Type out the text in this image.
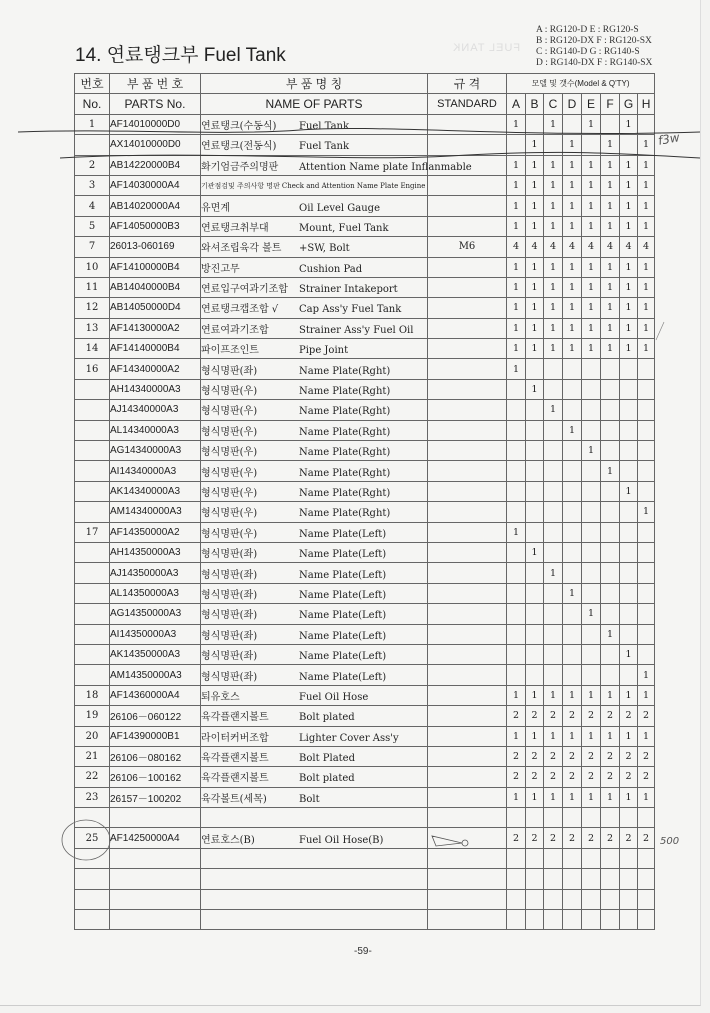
14. 연료탱크부 Fuel Tank	FUEL TANK
A : RG120-D E : RG120-S
B : RG120-DX F : RG120-SX
C : RG140-D G : RG140-S
D : RG140-DX F : RG140-SX
번호	부 품 번 호	부 품 명 칭	규 격	모델 및 갯수(Model & Q'TY)							
No.	PARTS No.	NAME OF PARTS	STANDARD	A	B	C	D	E	F	G	H
1	AF14010000D0	연료탱크(수동식) Fuel Tank		1		1		1		1	
	AX14010000D0	연료탱크(전동식) Fuel Tank			1		1		1		1
2	AB14220000B4	화기엄금주의명판 Attention Name plate Inflanmable		1	1	1	1	1	1	1	1
3	AF14030000A4	기관점검및 주의사항 명판 Check and Attention Name Plate Engine		1	1	1	1	1	1	1	1
4	AB14020000A4	유면계 Oil Level Gauge		1	1	1	1	1	1	1	1
5	AF14050000B3	연료탱크취부대 Mount, Fuel Tank		1	1	1	1	1	1	1	1
7	26013-060169	와셔조립육각 볼트 +SW, Bolt	M6	4	4	4	4	4	4	4	4
10	AF14100000B4	방진고무 Cushion Pad		1	1	1	1	1	1	1	1
11	AB14040000B4	연료입구여과기조합 Strainer Intakeport		1	1	1	1	1	1	1	1
12	AB14050000D4	연료탱크캡조합 √ Cap Ass'y Fuel Tank		1	1	1	1	1	1	1	1
13	AF14130000A2	연료여과기조합 Strainer Ass'y Fuel Oil		1	1	1	1	1	1	1	1
14	AF14140000B4	파이프조인트 Pipe Joint		1	1	1	1	1	1	1	1
16	AF14340000A2	형식명판(좌) Name Plate(Rght)		1							
	AH14340000A3	형식명판(우) Name Plate(Rght)			1						
	AJ14340000A3	형식명판(우) Name Plate(Rght)				1					
	AL14340000A3	형식명판(우) Name Plate(Rght)					1				
	AG14340000A3	형식명판(우) Name Plate(Rght)						1			
	AI14340000A3	형식명판(우) Name Plate(Rght)							1		
	AK14340000A3	형식명판(우) Name Plate(Rght)								1	
	AM14340000A3	형식명판(우) Name Plate(Rght)									1
17	AF14350000A2	형식명판(우) Name Plate(Left)		1							
	AH14350000A3	형식명판(좌) Name Plate(Left)			1						
	AJ14350000A3	형식명판(좌) Name Plate(Left)				1					
	AL14350000A3	형식명판(좌) Name Plate(Left)					1				
	AG14350000A3	형식명판(좌) Name Plate(Left)						1			
	AI14350000A3	형식명판(좌) Name Plate(Left)							1		
	AK14350000A3	형식명판(좌) Name Plate(Left)								1	
	AM14350000A3	형식명판(좌) Name Plate(Left)									1
18	AF14360000A4	퇴유호스 Fuel Oil Hose		1	1	1	1	1	1	1	1
19	26106－060122	육각플랜지볼트 Bolt plated		2	2	2	2	2	2	2	2
20	AF14390000B1	라이터커버조합 Lighter Cover Ass'y		1	1	1	1	1	1	1	1
21	26106－080162	육각플랜지볼트 Bolt Plated		2	2	2	2	2	2	2	2
22	26106－100162	육각플랜지볼트 Bolt plated		2	2	2	2	2	2	2	2
23	26157－100202	육각볼트(세목) Bolt		1	1	1	1	1	1	1	1

25	AF14250000A4	연료호스(B) Fuel Oil Hose(B)		2	2	2	2	2	2	2	2

f3w
500
-59-
